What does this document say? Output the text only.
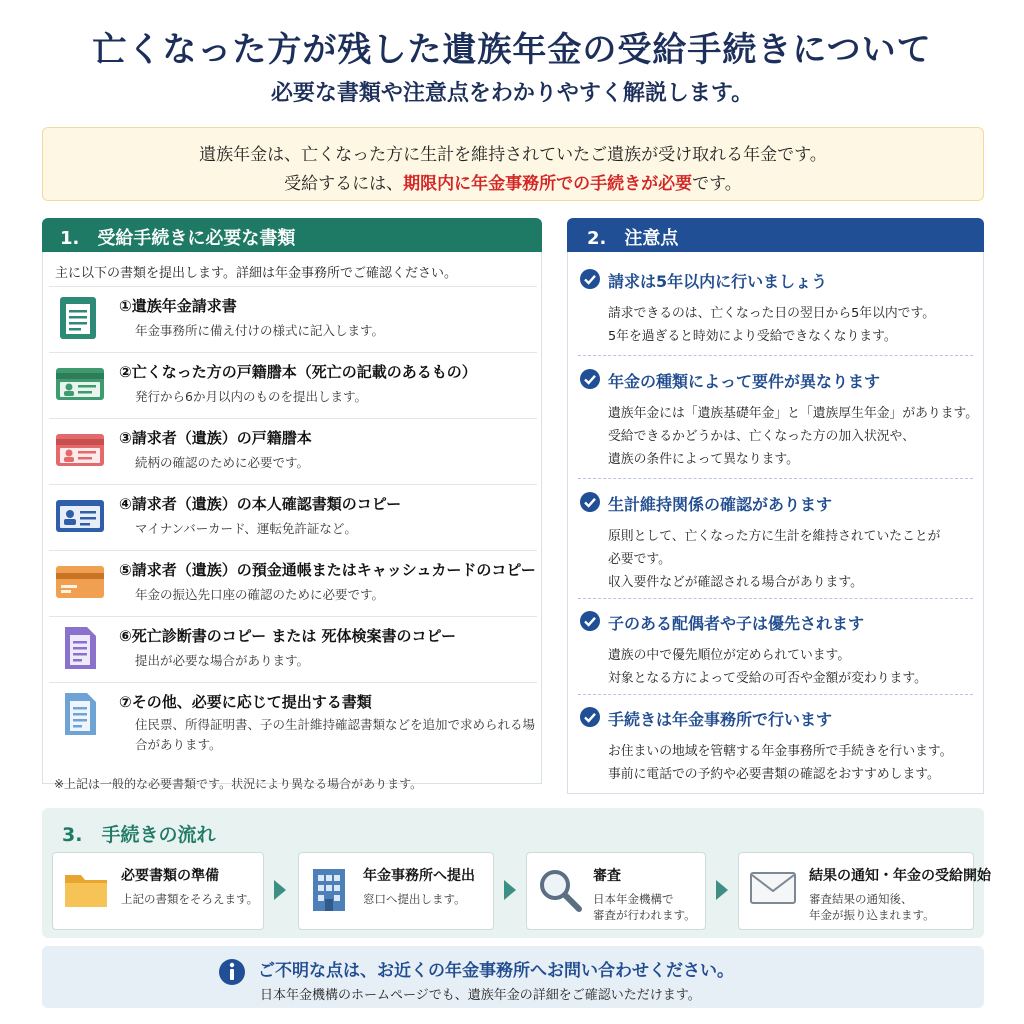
亡くなった方が残した遺族年金の受給手続きについて
必要な書類や注意点をわかりやすく解説します。
遺族年金は、亡くなった方に生計を維持されていたご遺族が受け取れる年金です。
受給するには、期限内に年金事務所での手続きが必要です。
1.　受給手続きに必要な書類
主に以下の書類を提出します。詳細は年金事務所でご確認ください。
①遺族年金請求書
年金事務所に備え付けの様式に記入します。
②亡くなった方の戸籍謄本（死亡の記載のあるもの）
発行から6か月以内のものを提出します。
③請求者（遺族）の戸籍謄本
続柄の確認のために必要です。
④請求者（遺族）の本人確認書類のコピー
マイナンバーカード、運転免許証など。
⑤請求者（遺族）の預金通帳またはキャッシュカードのコピー
年金の振込先口座の確認のために必要です。
⑥死亡診断書のコピー または 死体検案書のコピー
提出が必要な場合があります。
⑦その他、必要に応じて提出する書類
住民票、所得証明書、子の生計維持確認書類などを追加で求められる場合があります。
※上記は一般的な必要書類です。状況により異なる場合があります。
2.　注意点
請求は5年以内に行いましょう
請求できるのは、亡くなった日の翌日から5年以内です。
5年を過ぎると時効により受給できなくなります。
年金の種類によって要件が異なります
遺族年金には「遺族基礎年金」と「遺族厚生年金」があります。
受給できるかどうかは、亡くなった方の加入状況や、
遺族の条件によって異なります。
生計維持関係の確認があります
原則として、亡くなった方に生計を維持されていたことが
必要です。
収入要件などが確認される場合があります。
子のある配偶者や子は優先されます
遺族の中で優先順位が定められています。
対象となる方によって受給の可否や金額が変わります。
手続きは年金事務所で行います
お住まいの地域を管轄する年金事務所で手続きを行います。
事前に電話での予約や必要書類の確認をおすすめします。
3.　手続きの流れ
必要書類の準備
上記の書類をそろえます。
年金事務所へ提出
窓口へ提出します。
審査
日本年金機構で
審査が行われます。
結果の通知・年金の受給開始
審査結果の通知後、
年金が振り込まれます。
ご不明な点は、お近くの年金事務所へお問い合わせください。
日本年金機構のホームページでも、遺族年金の詳細をご確認いただけます。
